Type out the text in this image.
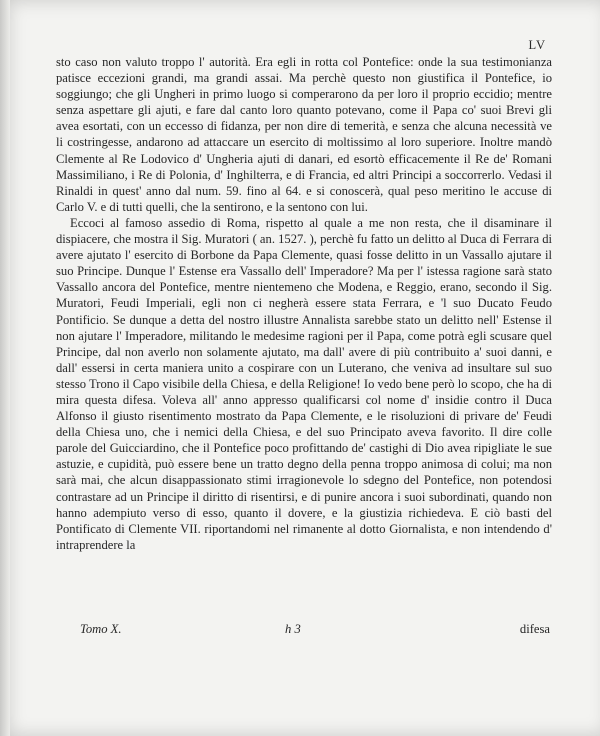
LV

sto caso non valuto troppo l' autorità. Era egli in rotta col Pontefice: onde la sua testimonianza patisce eccezioni grandi, ma grandi assai. Ma perchè questo non giustifica il Pontefice, io soggiungo; che gli Ungheri in primo luogo si comperarono da per loro il proprio eccidio; mentre senza aspettare gli ajuti, e fare dal canto loro quanto potevano, come il Papa co' suoi Brevi gli avea esortati, con un eccesso di fidanza, per non dire di temerità, e senza che alcuna necessità ve li costringesse, andarono ad attaccare un esercito di moltissimo al loro superiore. Inoltre mandò Clemente al Re Lodovico d' Ungheria ajuti di danari, ed esortò efficacemente il Re de' Romani Massimiliano, i Re di Polonia, d' Inghilterra, e di Francia, ed altri Principi a soccorrerlo. Vedasi il Rinaldi in quest' anno dal num. 59. fino al 64. e si conoscerà, qual peso meritino le accuse di Carlo V. e di tutti quelli, che la sentirono, e la sentono con lui.

Eccoci al famoso assedio di Roma, rispetto al quale a me non resta, che il disaminare il dispiacere, che mostra il Sig. Muratori ( an. 1527. ), perchè fu fatto un delitto al Duca di Ferrara di avere ajutato l' esercito di Borbone da Papa Clemente, quasi fosse delitto in un Vassallo ajutare il suo Principe. Dunque l' Estense era Vassallo dell' Imperadore? Ma per l' istessa ragione sarà stato Vassallo ancora del Pontefice, mentre nientemeno che Modena, e Reggio, erano, secondo il Sig. Muratori, Feudi Imperiali, egli non ci negherà essere stata Ferrara, e 'l suo Ducato Feudo Pontificio. Se dunque a detta del nostro illustre Annalista sarebbe stato un delitto nell' Estense il non ajutare l' Imperadore, militando le medesime ragioni per il Papa, come potrà egli scusare quel Principe, dal non averlo non solamente ajutato, ma dall' avere di più contribuito a' suoi danni, e dall' essersi in certa maniera unito a cospirare con un Luterano, che veniva ad insultare sul suo stesso Trono il Capo visibile della Chiesa, e della Religione! Io vedo bene però lo scopo, che ha di mira questa difesa. Voleva all' anno appresso qualificarsi col nome d' insidie contro il Duca Alfonso il giusto risentimento mostrato da Papa Clemente, e le risoluzioni di privare de' Feudi della Chiesa uno, che i nemici della Chiesa, e del suo Principato aveva favorito. Il dire colle parole del Guicciardino, che il Pontefice poco profittando de' castighi di Dio avea ripigliate le sue astuzie, e cupidità, può essere bene un tratto degno della penna troppo animosa di colui; ma non sarà mai, che alcun disappassionato stimi irragionevole lo sdegno del Pontefice, non potendosi contrastare ad un Principe il diritto di risentirsi, e di punire ancora i suoi subordinati, quando non hanno adempiuto verso di esso, quanto il dovere, e la giustizia richiedeva. E ciò basti del Pontificato di Clemente VII. riportandomi nel rimanente al dotto Giornalista, e non intendendo d' intraprendere la

Tomo X.	h 3	difesa
